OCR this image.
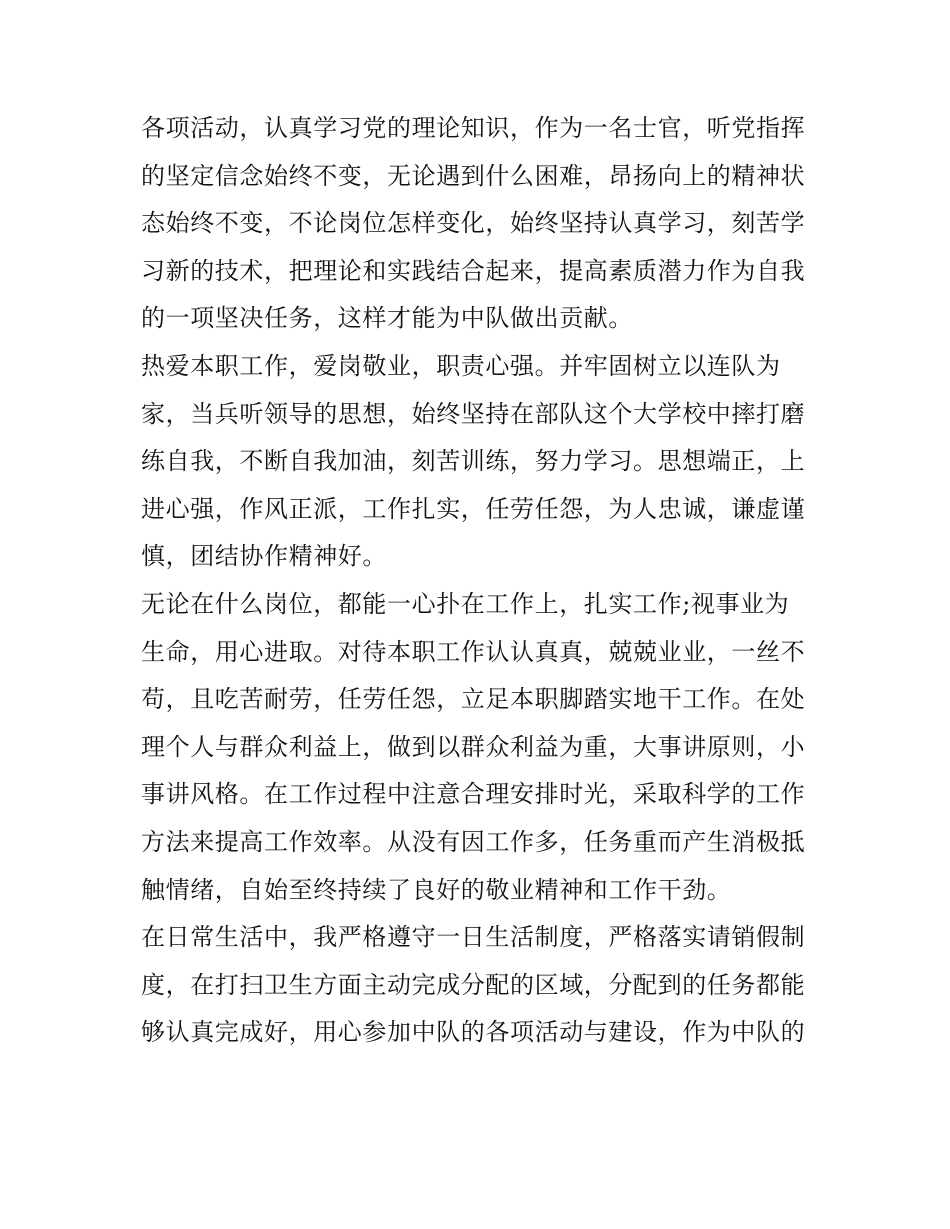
各项活动，认真学习党的理论知识，作为一名士官，听党指挥
的坚定信念始终不变，无论遇到什么困难，昂扬向上的精神状
态始终不变，不论岗位怎样变化，始终坚持认真学习，刻苦学
习新的技术，把理论和实践结合起来，提高素质潜力作为自我
的一项坚决任务，这样才能为中队做出贡献。
热爱本职工作，爱岗敬业，职责心强。并牢固树立以连队为
家，当兵听领导的思想，始终坚持在部队这个大学校中摔打磨
练自我，不断自我加油，刻苦训练，努力学习。思想端正，上
进心强，作风正派，工作扎实，任劳任怨，为人忠诚，谦虚谨
慎，团结协作精神好。
无论在什么岗位，都能一心扑在工作上，扎实工作;视事业为
生命，用心进取。对待本职工作认认真真，兢兢业业，一丝不
苟，且吃苦耐劳，任劳任怨，立足本职脚踏实地干工作。在处
理个人与群众利益上，做到以群众利益为重，大事讲原则，小
事讲风格。在工作过程中注意合理安排时光，采取科学的工作
方法来提高工作效率。从没有因工作多，任务重而产生消极抵
触情绪，自始至终持续了良好的敬业精神和工作干劲。
在日常生活中，我严格遵守一日生活制度，严格落实请销假制
度，在打扫卫生方面主动完成分配的区域，分配到的任务都能
够认真完成好，用心参加中队的各项活动与建设，作为中队的
